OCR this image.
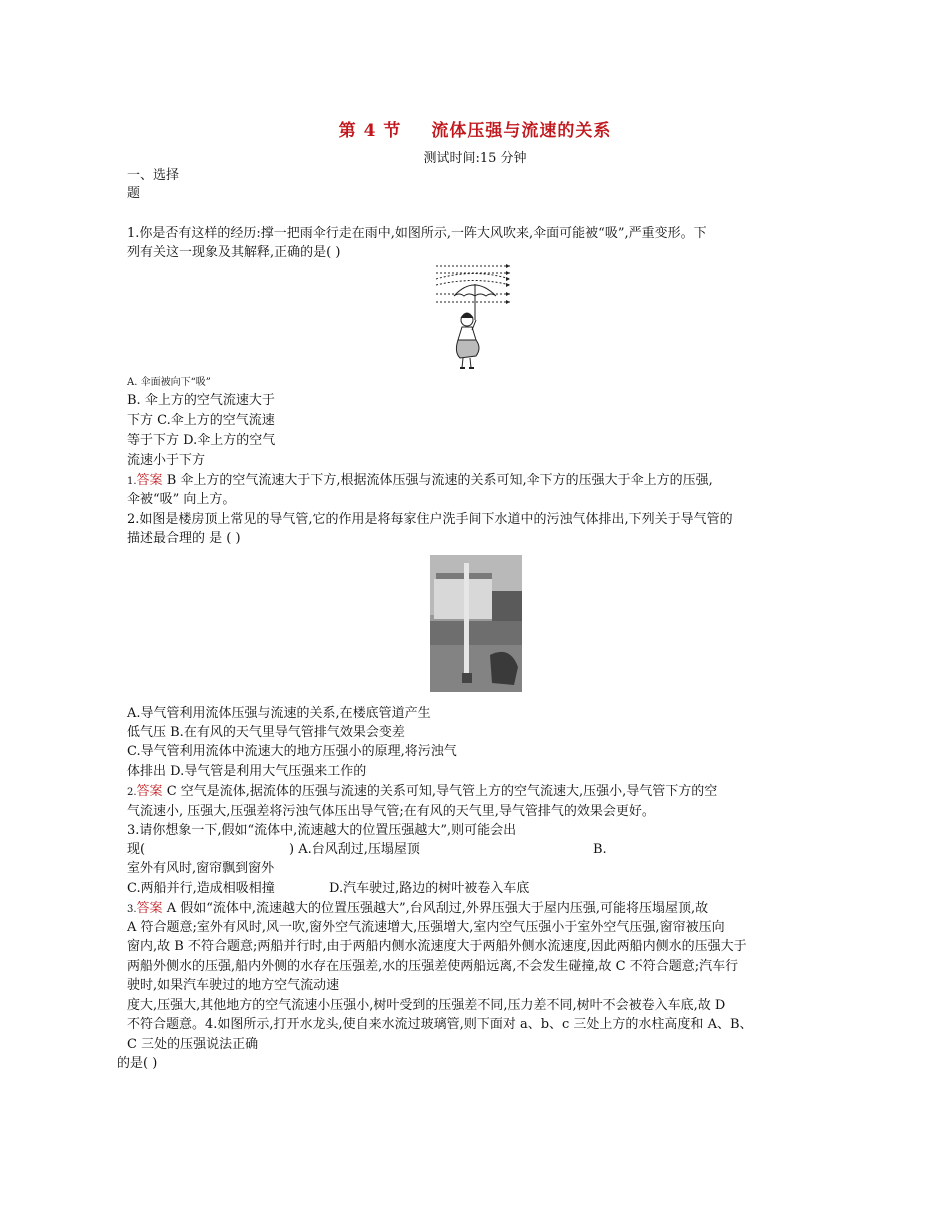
第 4 节 流体压强与流速的关系
测试时间:15 分钟
一、选择
题
1.你是否有这样的经历:撑一把雨伞行走在雨中,如图所示,一阵大风吹来,伞面可能被“吸”,严重变形。下
列有关这一现象及其解释,正确的是( )
A. 伞面被向下“吸”
B. 伞上方的空气流速大于
下方 C.伞上方的空气流速
等于下方 D.伞上方的空气
流速小于下方
1.答案 B 伞上方的空气流速大于下方,根据流体压强与流速的关系可知,伞下方的压强大于伞上方的压强,
伞被“吸” 向上方。
2.如图是楼房顶上常见的导气管,它的作用是将每家住户洗手间下水道中的污浊气体排出,下列关于导气管的
描述最合理的 是 ( )
A.导气管利用流体压强与流速的关系,在楼底管道产生
低气压 B.在有风的天气里导气管排气效果会变差
C.导气管利用流体中流速大的地方压强小的原理,将污浊气
体排出 D.导气管是利用大气压强来工作的
2.答案 C 空气是流体,据流体的压强与流速的关系可知,导气管上方的空气流速大,压强小,导气管下方的空
气流速小, 压强大,压强差将污浊气体压出导气管;在有风的天气里,导气管排气的效果会更好。
3.请你想象一下,假如“流体中,流速越大的位置压强越大”,则可能会出
现(	) A.台风刮过,压塌屋顶	B.
室外有风时,窗帘飘到窗外
C.两船并行,造成相吸相撞	D.汽车驶过,路边的树叶被卷入车底
3.答案 A 假如“流体中,流速越大的位置压强越大”,台风刮过,外界压强大于屋内压强,可能将压塌屋顶,故
A 符合题意;室外有风时,风一吹,窗外空气流速增大,压强增大,室内空气压强小于室外空气压强,窗帘被压向
窗内,故 B 不符合题意;两船并行时,由于两船内侧水流速度大于两船外侧水流速度,因此两船内侧水的压强大于
两船外侧水的压强,船内外侧的水存在压强差,水的压强差使两船远离,不会发生碰撞,故 C 不符合题意;汽车行
驶时,如果汽车驶过的地方空气流动速
度大,压强大,其他地方的空气流速小压强小,树叶受到的压强差不同,压力差不同,树叶不会被卷入车底,故 D
不符合题意。4.如图所示,打开水龙头,使自来水流过玻璃管,则下面对 a、b、c 三处上方的水柱高度和 A、B、
C 三处的压强说法正确
的是( )
